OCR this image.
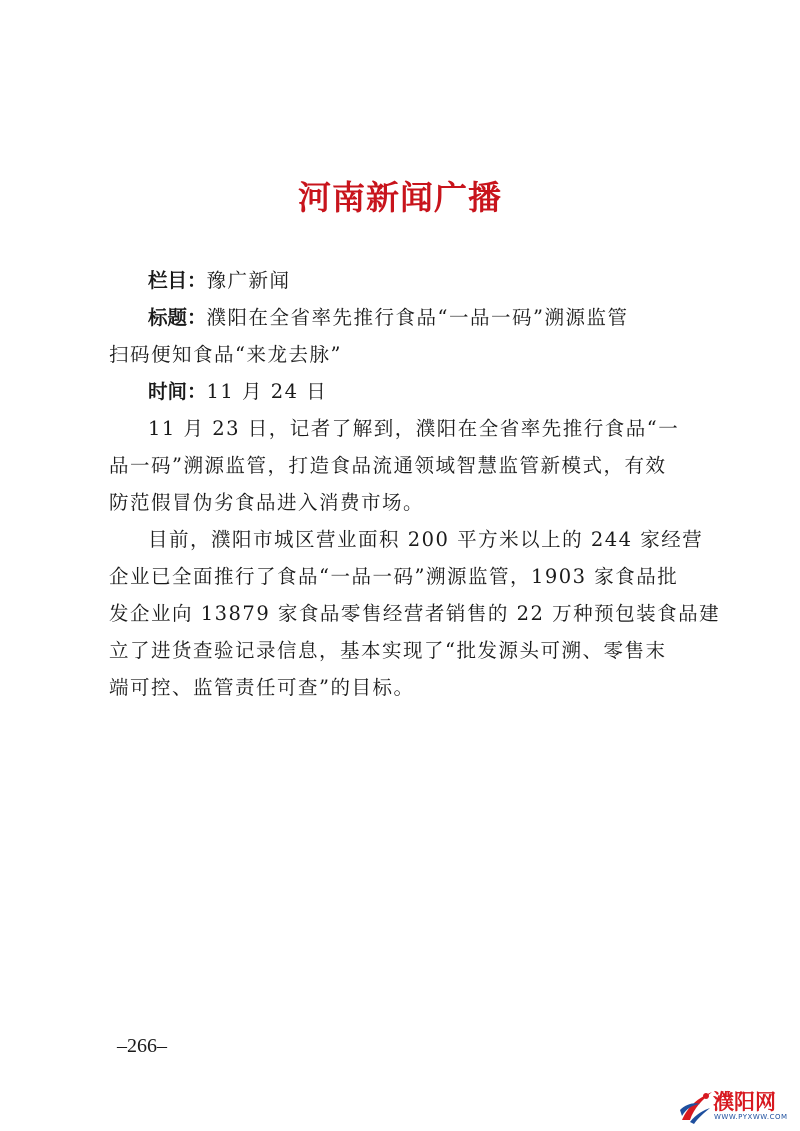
河南新闻广播
栏目：豫广新闻
标题：濮阳在全省率先推行食品“一品一码”溯源监管
扫码便知食品“来龙去脉”
时间：11 月 24 日
11 月 23 日，记者了解到，濮阳在全省率先推行食品“一
品一码”溯源监管，打造食品流通领域智慧监管新模式，有效
防范假冒伪劣食品进入消费市场。
目前，濮阳市城区营业面积 200 平方米以上的 244 家经营
企业已全面推行了食品“一品一码”溯源监管，1903 家食品批
发企业向 13879 家食品零售经营者销售的 22 万种预包装食品建
立了进货查验记录信息，基本实现了“批发源头可溯、零售末
端可控、监管责任可查”的目标。
–266–
濮阳网
WWW.PYXWW.COM
